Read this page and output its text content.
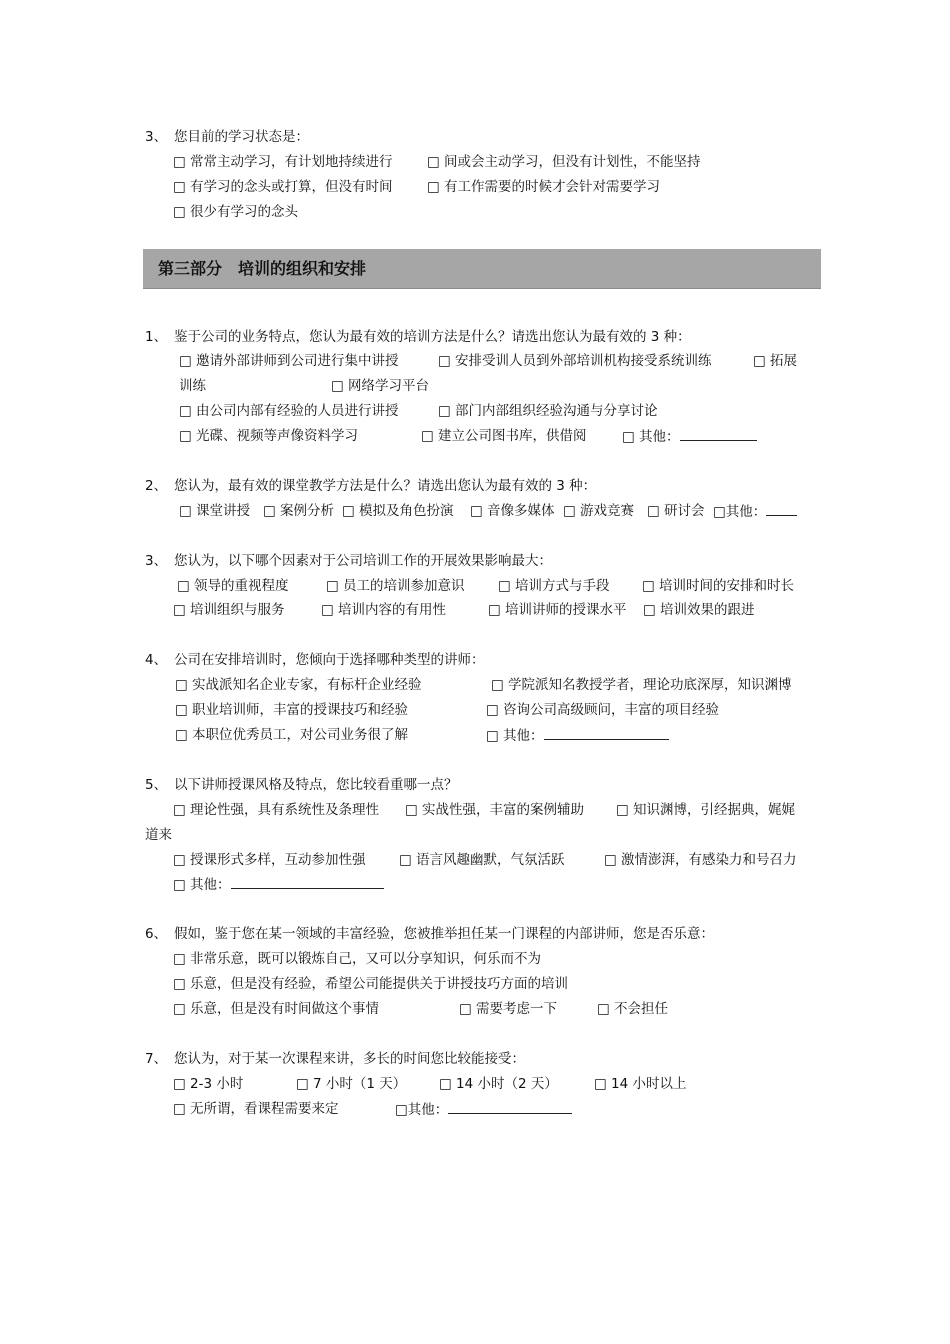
3、 您目前的学习状态是：
□ 常常主动学习，有计划地持续进行	□ 间或会主动学习，但没有计划性，不能坚持
□ 有学习的念头或打算，但没有时间	□ 有工作需要的时候才会针对需要学习
□ 很少有学习的念头
第三部分　培训的组织和安排
1、 鉴于公司的业务特点，您认为最有效的培训方法是什么？请选出您认为最有效的 3 种：
□ 邀请外部讲师到公司进行集中讲授	□ 安排受训人员到外部培训机构接受系统训练	□ 拓展
训练	□ 网络学习平台
□ 由公司内部有经验的人员进行讲授	□ 部门内部组织经验沟通与分享讨论
□ 光碟、视频等声像资料学习	□ 建立公司图书库，供借阅	□ 其他：
2、 您认为，最有效的课堂教学方法是什么？请选出您认为最有效的 3 种：
□ 课堂讲授 □ 案例分析 □ 模拟及角色扮演 □ 音像多媒体 □ 游戏竞赛 □ 研讨会 □其他：
3、 您认为，以下哪个因素对于公司培训工作的开展效果影响最大：
□ 领导的重视程度	□ 员工的培训参加意识 □ 培训方式与手段 □ 培训时间的安排和时长
□ 培训组织与服务	□ 培训内容的有用性	□ 培训讲师的授课水平 □ 培训效果的跟进
4、 公司在安排培训时，您倾向于选择哪种类型的讲师：
□ 实战派知名企业专家，有标杆企业经验	□ 学院派知名教授学者，理论功底深厚，知识渊博
□ 职业培训师，丰富的授课技巧和经验	□ 咨询公司高级顾问，丰富的项目经验
□ 本职位优秀员工，对公司业务很了解	□ 其他：
5、 以下讲师授课风格及特点，您比较看重哪一点？
□ 理论性强，具有系统性及条理性 □ 实战性强，丰富的案例辅助 □ 知识渊博，引经据典，娓娓
道来
□ 授课形式多样，互动参加性强 □ 语言风趣幽默，气氛活跃	□ 激情澎湃，有感染力和号召力
□ 其他：
6、 假如，鉴于您在某一领域的丰富经验，您被推举担任某一门课程的内部讲师，您是否乐意：
□ 非常乐意，既可以锻炼自己，又可以分享知识，何乐而不为
□ 乐意，但是没有经验，希望公司能提供关于讲授技巧方面的培训
□ 乐意，但是没有时间做这个事情	□ 需要考虑一下	□ 不会担任
7、 您认为，对于某一次课程来讲，多长的时间您比较能接受：
□ 2-3 小时	□ 7 小时（1 天） □ 14 小时（2 天）	□ 14 小时以上
□ 无所谓，看课程需要来定	□其他：
